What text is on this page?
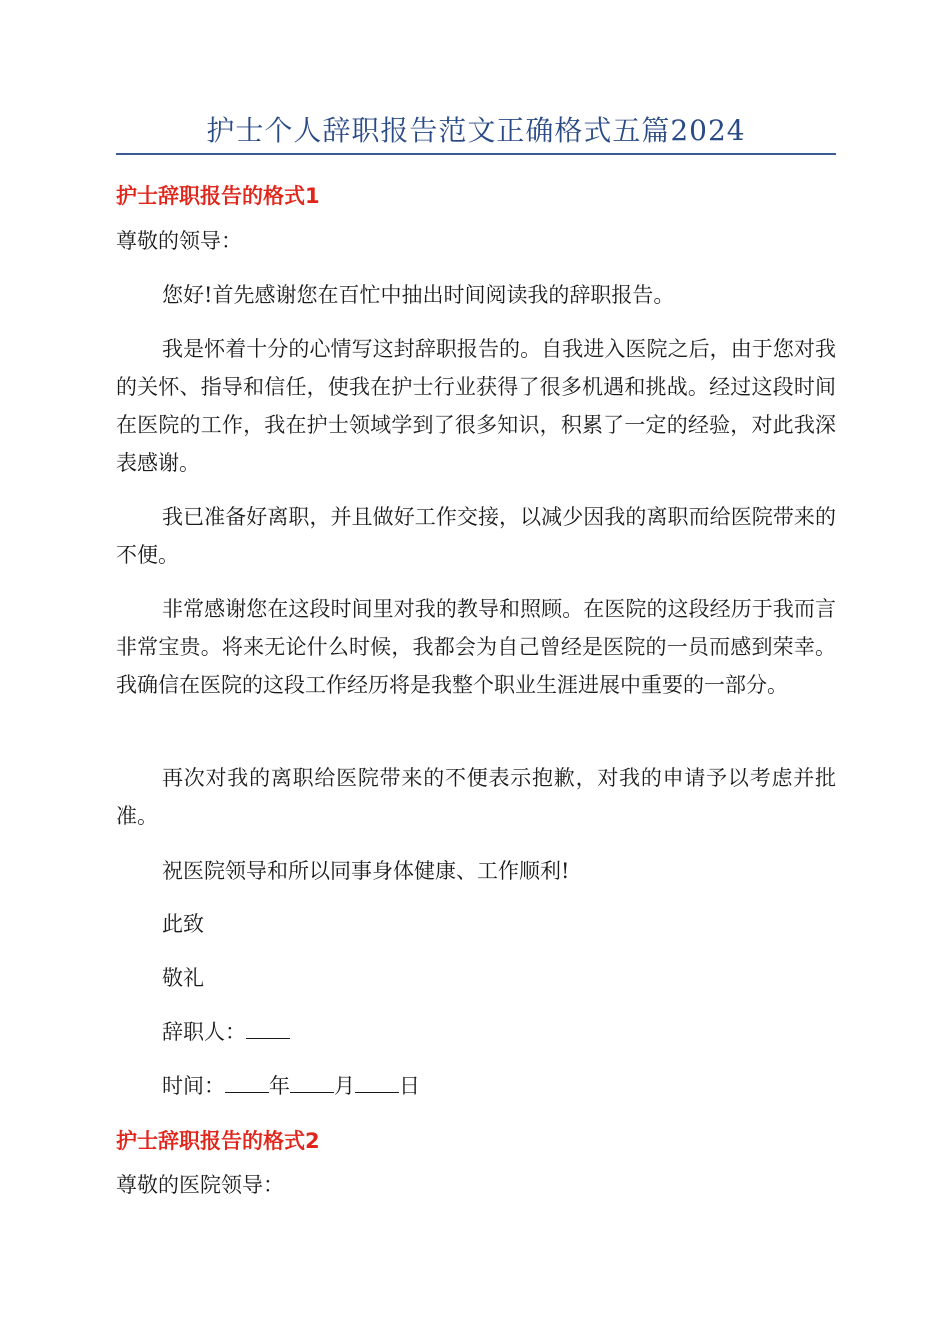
护士个人辞职报告范文正确格式五篇2024
护士辞职报告的格式1

尊敬的领导：

您好!首先感谢您在百忙中抽出时间阅读我的辞职报告。

我是怀着十分的心情写这封辞职报告的。自我进入医院之后，由于您对我的关怀、指导和信任，使我在护士行业获得了很多机遇和挑战。经过这段时间在医院的工作，我在护士领域学到了很多知识，积累了一定的经验，对此我深表感谢。

我已准备好离职，并且做好工作交接，以减少因我的离职而给医院带来的不便。

非常感谢您在这段时间里对我的教导和照顾。在医院的这段经历于我而言非常宝贵。将来无论什么时候，我都会为自己曾经是医院的一员而感到荣幸。我确信在医院的这段工作经历将是我整个职业生涯进展中重要的一部分。

再次对我的离职给医院带来的不便表示抱歉，对我的申请予以考虑并批准。

祝医院领导和所以同事身体健康、工作顺利!
此致
敬礼
辞职人：
时间： 年 月 日
护士辞职报告的格式2

尊敬的医院领导：
